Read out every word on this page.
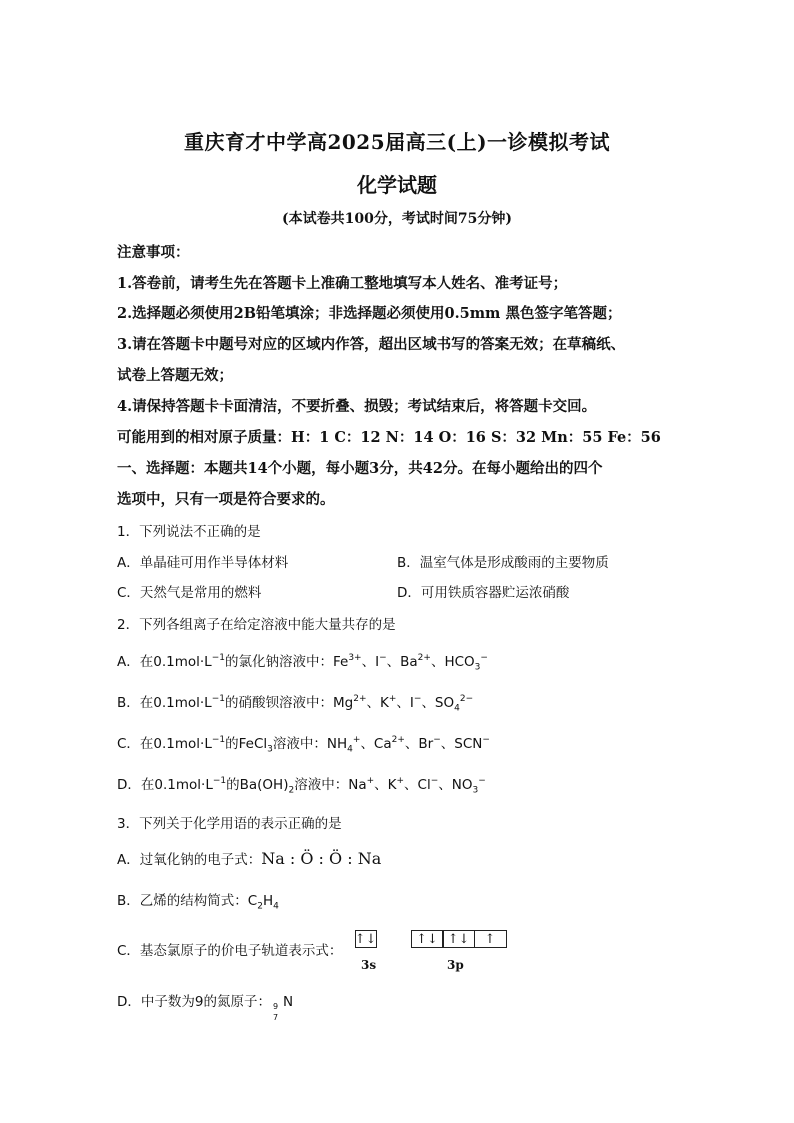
重庆育才中学高2025届高三(上)一诊模拟考试
化学试题
(本试卷共100分，考试时间75分钟)
注意事项：
1.答卷前，请考生先在答题卡上准确工整地填写本人姓名、准考证号；
2.选择题必须使用2B铅笔填涂；非选择题必须使用0.5mm 黑色签字笔答题；
3.请在答题卡中题号对应的区域内作答，超出区域书写的答案无效；在草稿纸、
试卷上答题无效；
4.请保持答题卡卡面清洁，不要折叠、损毁；考试结束后，将答题卡交回。
可能用到的相对原子质量：H：1 C：12 N：14 O：16 S：32 Mn：55 Fe：56
一、选择题：本题共14个小题，每小题3分，共42分。在每小题给出的四个
选项中，只有一项是符合要求的。
1．下列说法不正确的是
A．单晶硅可用作半导体材料	B．温室气体是形成酸雨的主要物质
C．天然气是常用的燃料	D．可用铁质容器贮运浓硝酸
2．下列各组离子在给定溶液中能大量共存的是
A．在$0.1mol\cdot L^{-1}$的氯化钠溶液中：$Fe^{3+}$、I−、$Ba^{2+}$、$HCO_3^-$
B．在$0.1mol\cdot L^{-1}$的硝酸钡溶液中：$Mg^{2+}$、K+、I−、$SO_4^{2-}$
C．在$0.1mol\cdot L^{-1}$的FeCl$_3$溶液中：$NH_4^+$、$Ca^{2+}$、Br−、SCN−
D．在$0.1mol\cdot L^{-1}$的$Ba(OH)_2$溶液中：Na+、K+、Cl−、$NO_3^-$
3．下列关于化学用语的表示正确的是
A．过氧化钠的电子式：Na : Ö : Ö : Na
B．乙烯的结构简式：$C_2H_4$
C．基态氯原子的价电子轨道表示式：
↑↓	↑↓ ↑↓	↑
3s	3p
D．中子数为9的氮原子： 9
7
N
